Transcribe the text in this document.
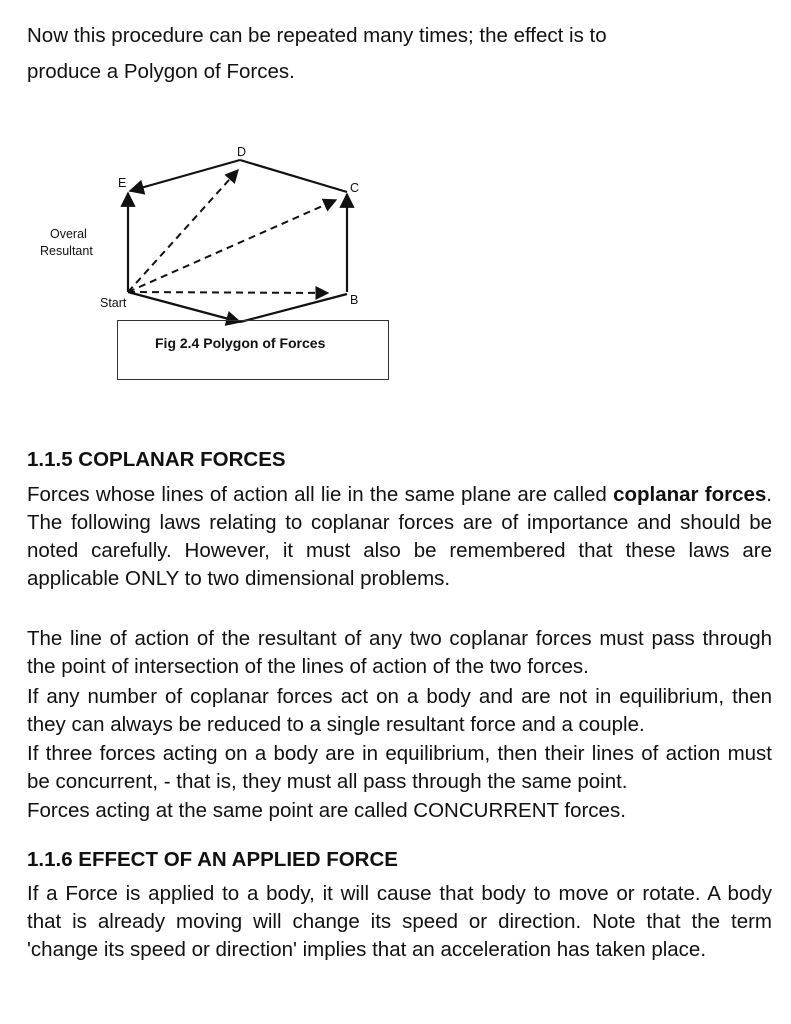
Now this procedure can be repeated many times; the effect is to
produce a Polygon of Forces.

Start	B
C
D
E
Overal
Resultant
Fig 2.4 Polygon of Forces
1.1.5 COPLANAR FORCES

Forces whose lines of action all lie in the same plane are called coplanar forces. The following laws relating to coplanar forces are of importance and should be noted carefully. However, it must also be remembered that these laws are applicable ONLY to two dimensional problems.

The line of action of the resultant of any two coplanar forces must pass through the point of intersection of the lines of action of the two forces.

If any number of coplanar forces act on a body and are not in equilibrium, then they can always be reduced to a single resultant force and a couple.

If three forces acting on a body are in equilibrium, then their lines of action must be concurrent, - that is, they must all pass through the same point.

Forces acting at the same point are called CONCURRENT forces.

1.1.6 EFFECT OF AN APPLIED FORCE

If a Force is applied to a body, it will cause that body to move or rotate. A body that is already moving will change its speed or direction. Note that the term 'change its speed or direction' implies that an acceleration has taken place.
